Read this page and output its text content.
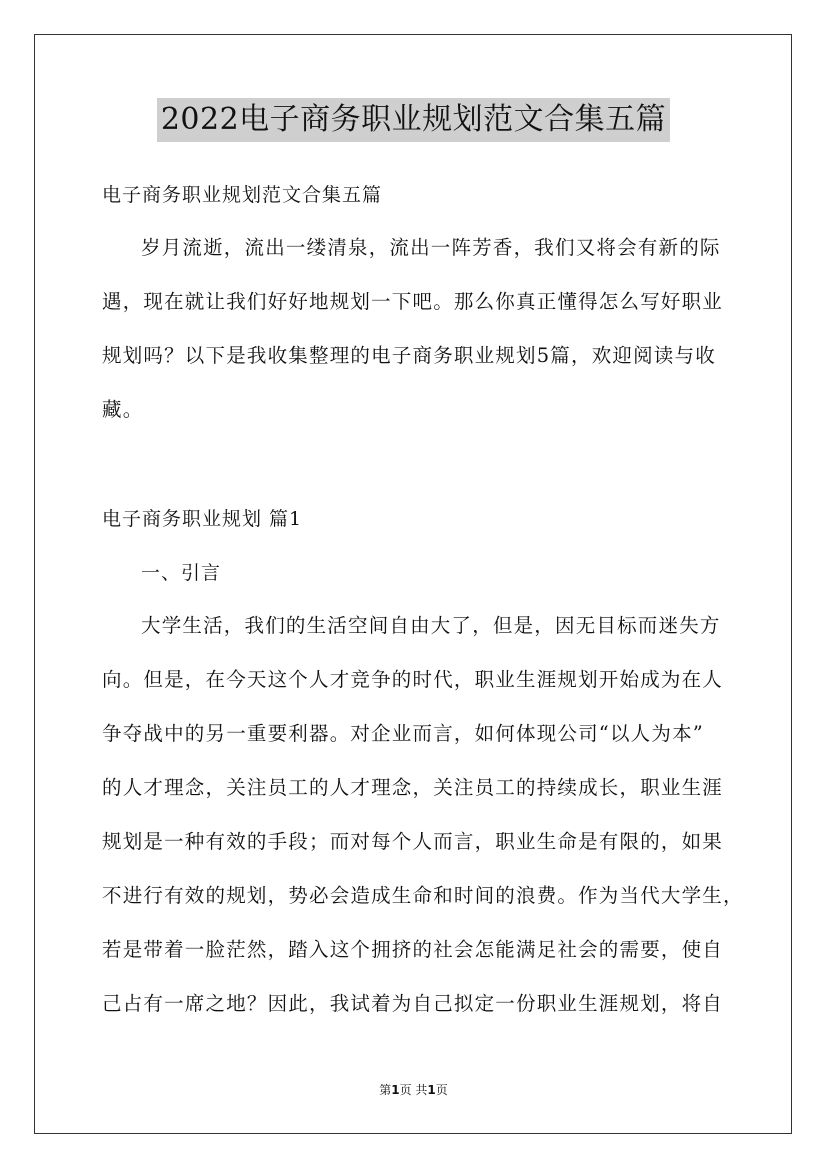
2022电子商务职业规划范文合集五篇
电子商务职业规划范文合集五篇
岁月流逝，流出一缕清泉，流出一阵芳香，我们又将会有新的际
遇，现在就让我们好好地规划一下吧。那么你真正懂得怎么写好职业
规划吗？以下是我收集整理的电子商务职业规划5篇，欢迎阅读与收
藏。
电子商务职业规划 篇1
一、引言
大学生活，我们的生活空间自由大了，但是，因无目标而迷失方
向。但是，在今天这个人才竞争的时代，职业生涯规划开始成为在人
争夺战中的另一重要利器。对企业而言，如何体现公司“以人为本”
的人才理念，关注员工的人才理念，关注员工的持续成长，职业生涯
规划是一种有效的手段；而对每个人而言，职业生命是有限的，如果
不进行有效的规划，势必会造成生命和时间的浪费。作为当代大学生，
若是带着一脸茫然，踏入这个拥挤的社会怎能满足社会的需要，使自
己占有一席之地？因此，我试着为自己拟定一份职业生涯规划，将自
第1页 共1页
